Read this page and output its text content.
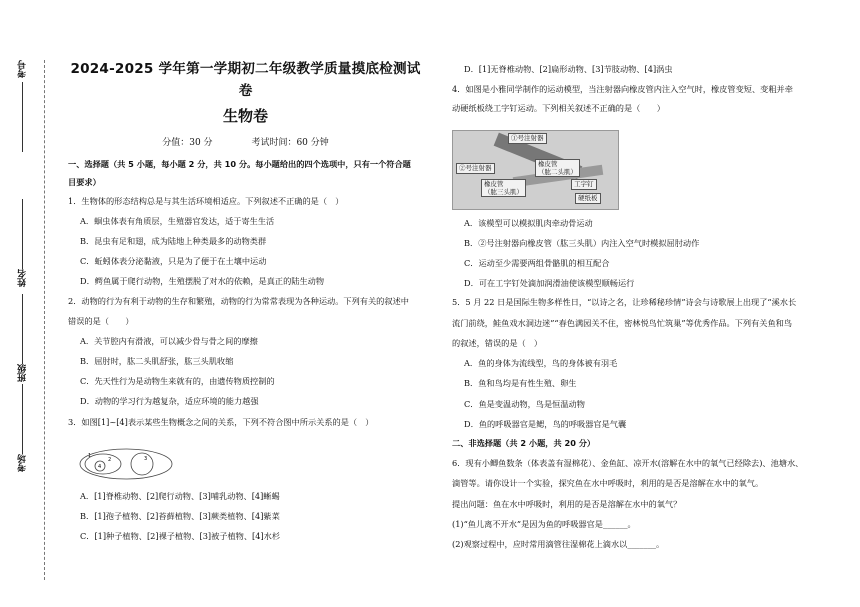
考号
姓名
班级
考场
2024-2025 学年第一学期初二年级教学质量摸底检测试
卷
生物卷
分值：30 分	考试时间：60 分钟
一、选择题（共 5 小题，每小题 2 分，共 10 分。每小题给出的四个选项中，只有一个符合题
目要求）
1．生物体的形态结构总是与其生活环境相适应。下列叙述不正确的是（　）
A．蛔虫体表有角质层，生殖器官发达，适于寄生生活
B．昆虫有足和翅，成为陆地上种类最多的动物类群
C．蚯蚓体表分泌黏液，只是为了便于在土壤中运动
D．鳄鱼属于爬行动物，生殖摆脱了对水的依赖，是真正的陆生动物
2．动物的行为有利于动物的生存和繁殖，动物的行为常常表现为各种运动。下列有关的叙述中
错误的是（　　）
A．关节腔内有滑液，可以减少骨与骨之间的摩擦
B．屈肘时，肱二头肌舒张，肱三头肌收缩
C．先天性行为是动物生来就有的，由遗传物质控制的
D．动物的学习行为越复杂，适应环境的能力越强
3．如图[1]~[4]表示某些生物概念之间的关系，下列不符合图中所示关系的是（　）
1
2	3
4
A．[1]脊椎动物、[2]爬行动物、[3]哺乳动物、[4]蜥蜴
B．[1]孢子植物、[2]苔藓植物、[3]蕨类植物、[4]紫菜
C．[1]种子植物、[2]裸子植物、[3]被子植物、[4]水杉
D．[1]无脊椎动物、[2]扁形动物、[3]节肢动物、[4]涡虫
4．如图是小雅同学制作的运动模型，当注射器向橡皮管内注入空气时，橡皮管变短、变粗并牵
动硬纸板绕工字钉运动。下列相关叙述不正确的是（　　）
①号注射器
②号注射器	橡皮管
（肱二头肌）
橡皮管
（肱三头肌）
工字钉
硬纸板
A．该模型可以模拟肌肉牵动骨运动
B．②号注射器向橡皮管（肱三头肌）内注入空气时模拟屈肘动作
C．运动至少需要两组骨骼肌的相互配合
D．可在工字钉处滴加润滑油使该模型顺畅运行
5．5 月 22 日是国际生物多样性日，“以诗之名，让珍稀秘珍情”诗会与诗歌展上出现了“溪水长
流门前绕，鲑鱼戏水洞边迷”“春色满园关不住，密林悦鸟忙筑巢”等优秀作品。下列有关鱼和鸟
的叙述，错误的是（　）
A．鱼的身体为流线型，鸟的身体被有羽毛
B．鱼和鸟均是有性生殖、卵生
C．鱼是变温动物，鸟是恒温动物
D．鱼的呼吸器官是鳃，鸟的呼吸器官是气囊
二、非选择题（共 2 小题，共 20 分）
6．现有小鲫鱼数条（体表盖有湿棉花）、金鱼缸、凉开水(溶解在水中的氧气已经除去)、池塘水、
滴管等。请你设计一个实验，探究鱼在水中呼吸时，利用的是否是溶解在水中的氧气。
提出问题：鱼在水中呼吸时，利用的是否是溶解在水中的氧气？
(1)“鱼儿离不开水”是因为鱼的呼吸器官是______。
(2)观察过程中，应时常用滴管往湿棉花上滴水以_______。
